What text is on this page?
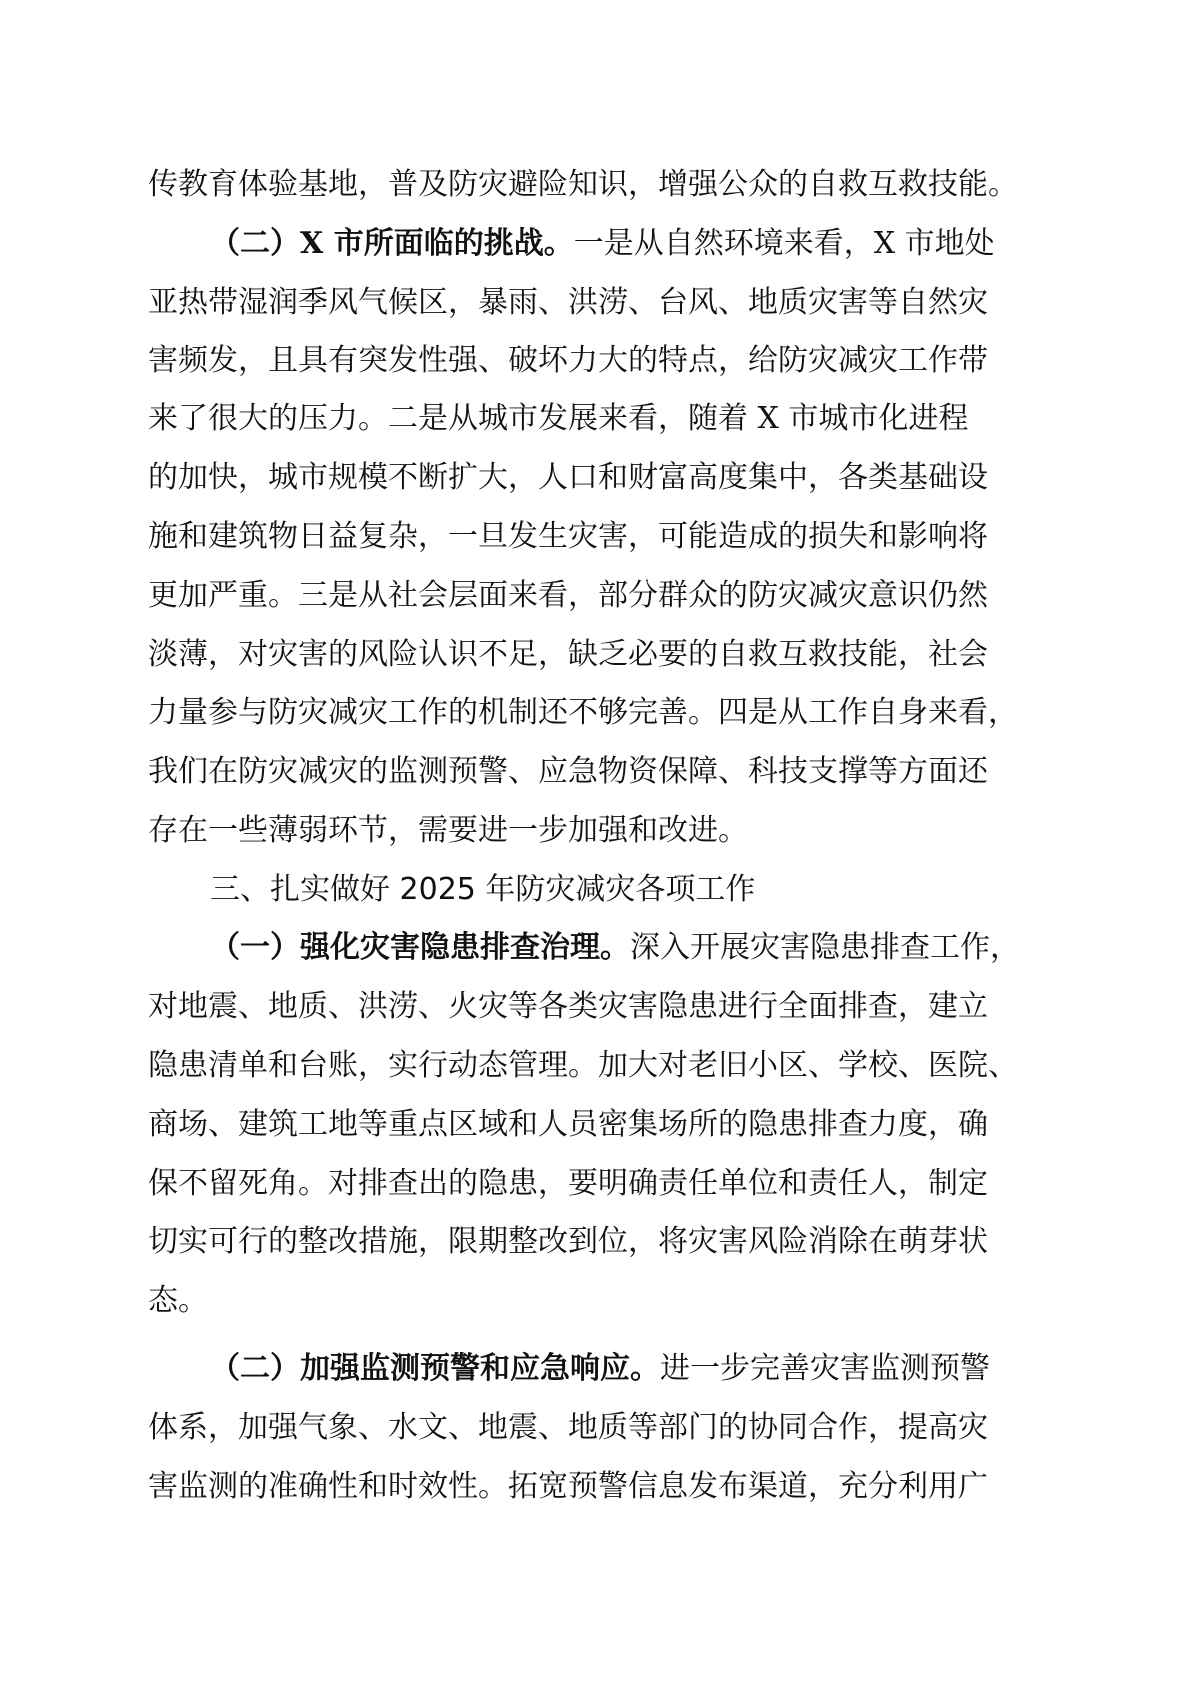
传教育体验基地，普及防灾避险知识，增强公众的自救互救技能。
（二）X 市所面临的挑战。一是从自然环境来看，X 市地处
亚热带湿润季风气候区，暴雨、洪涝、台风、地质灾害等自然灾
害频发，且具有突发性强、破坏力大的特点，给防灾减灾工作带
来了很大的压力。二是从城市发展来看，随着 X 市城市化进程
的加快，城市规模不断扩大，人口和财富高度集中，各类基础设
施和建筑物日益复杂，一旦发生灾害，可能造成的损失和影响将
更加严重。三是从社会层面来看，部分群众的防灾减灾意识仍然
淡薄，对灾害的风险认识不足，缺乏必要的自救互救技能，社会
力量参与防灾减灾工作的机制还不够完善。四是从工作自身来看，
我们在防灾减灾的监测预警、应急物资保障、科技支撑等方面还
存在一些薄弱环节，需要进一步加强和改进。
三、扎实做好 2025 年防灾减灾各项工作
（一）强化灾害隐患排查治理。深入开展灾害隐患排查工作，
对地震、地质、洪涝、火灾等各类灾害隐患进行全面排查，建立
隐患清单和台账，实行动态管理。加大对老旧小区、学校、医院、
商场、建筑工地等重点区域和人员密集场所的隐患排查力度，确
保不留死角。对排查出的隐患，要明确责任单位和责任人，制定
切实可行的整改措施，限期整改到位，将灾害风险消除在萌芽状
态。
（二）加强监测预警和应急响应。进一步完善灾害监测预警
体系，加强气象、水文、地震、地质等部门的协同合作，提高灾
害监测的准确性和时效性。拓宽预警信息发布渠道，充分利用广
